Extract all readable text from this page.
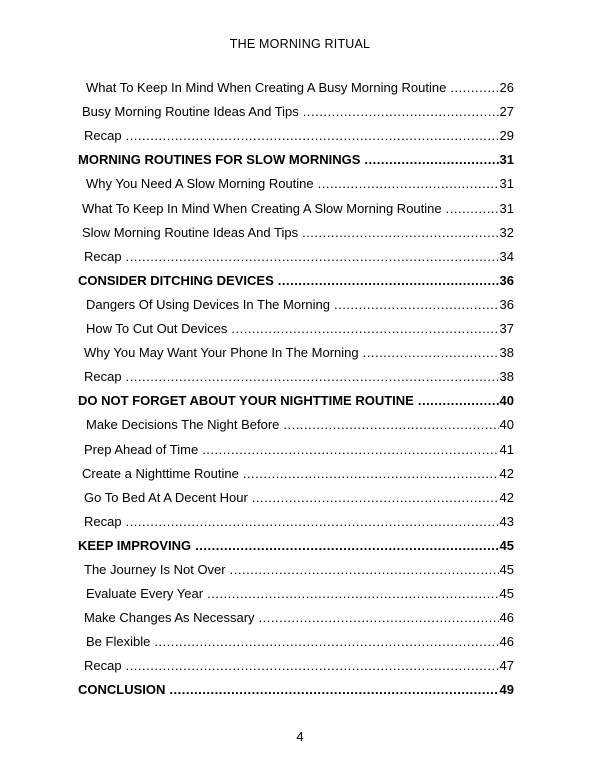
THE MORNING RITUAL
What To Keep In Mind When Creating A Busy Morning Routine .....	26
Busy Morning Routine Ideas And Tips .....	27
Recap .....	29
MORNING ROUTINES FOR SLOW MORNINGS .....	31
Why You Need A Slow Morning Routine .....	31
What To Keep In Mind When Creating A Slow Morning Routine .....	31
Slow Morning Routine Ideas And Tips .....	32
Recap .....	34
CONSIDER DITCHING DEVICES .....	36
Dangers Of Using Devices In The Morning .....	36
How To Cut Out Devices .....	37
Why You May Want Your Phone In The Morning .....	38
Recap .....	38
DO NOT FORGET ABOUT YOUR NIGHTTIME ROUTINE .....	40
Make Decisions The Night Before .....	40
Prep Ahead of Time .....	41
Create a Nighttime Routine .....	42
Go To Bed At A Decent Hour .....	42
Recap .....	43
KEEP IMPROVING .....	45
The Journey Is Not Over .....	45
Evaluate Every Year .....	45
Make Changes As Necessary .....	46
Be Flexible .....	46
Recap .....	47
CONCLUSION .....	49
4
